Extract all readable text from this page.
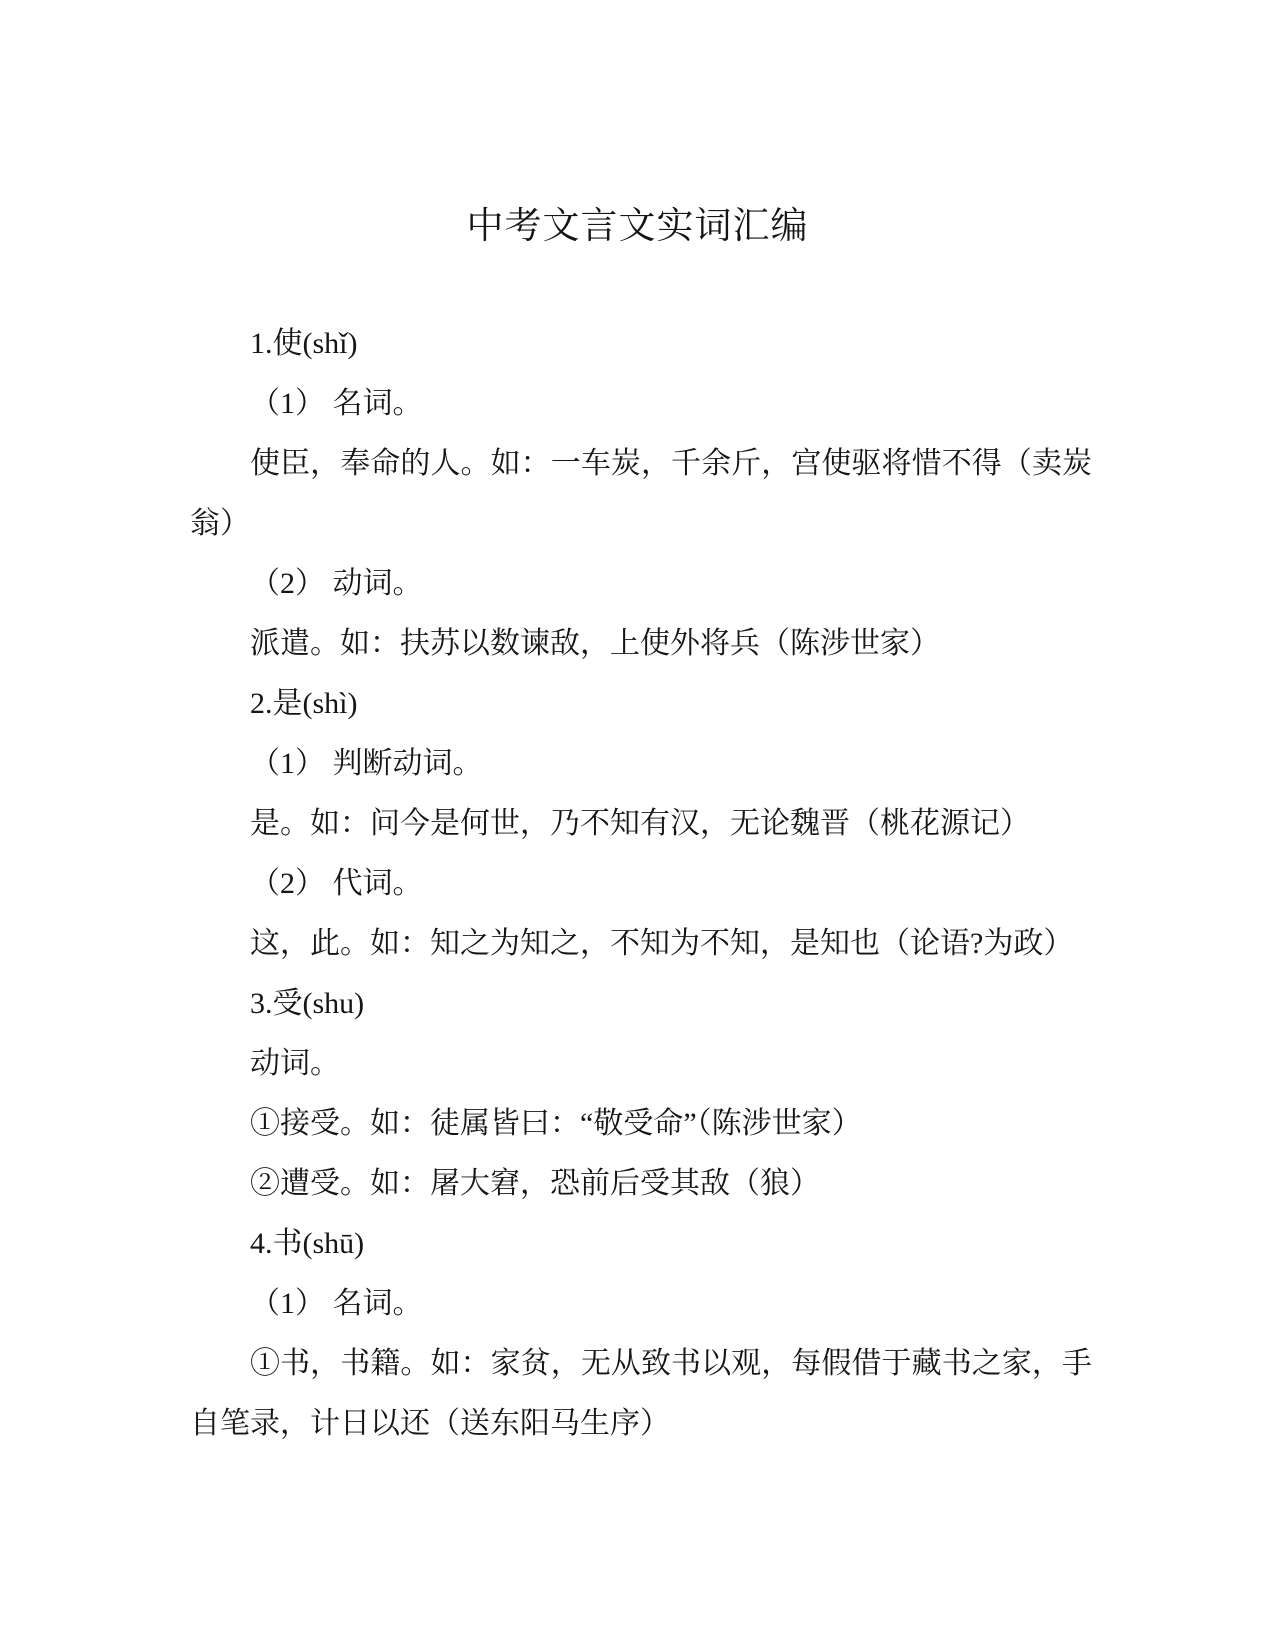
中考文言文实词汇编

1.使(shǐ)

（1） 名词。

使臣，奉命的人。如：一车炭，千余斤，宫使驱将惜不得（卖炭翁）

（2） 动词。

派遣。如：扶苏以数谏敌，上使外将兵（陈涉世家）

2.是(shì)

（1） 判断动词。

是。如：问今是何世，乃不知有汉，无论魏晋（桃花源记）

（2） 代词。

这，此。如：知之为知之，不知为不知，是知也（论语?为政）

3.受(shu)

动词。

①接受。如：徒属皆曰：“敬受命”（陈涉世家）

②遭受。如：屠大窘，恐前后受其敌（狼）

4.书(shū)

（1） 名词。

①书，书籍。如：家贫，无从致书以观，每假借于藏书之家，手自笔录，计日以还（送东阳马生序）
